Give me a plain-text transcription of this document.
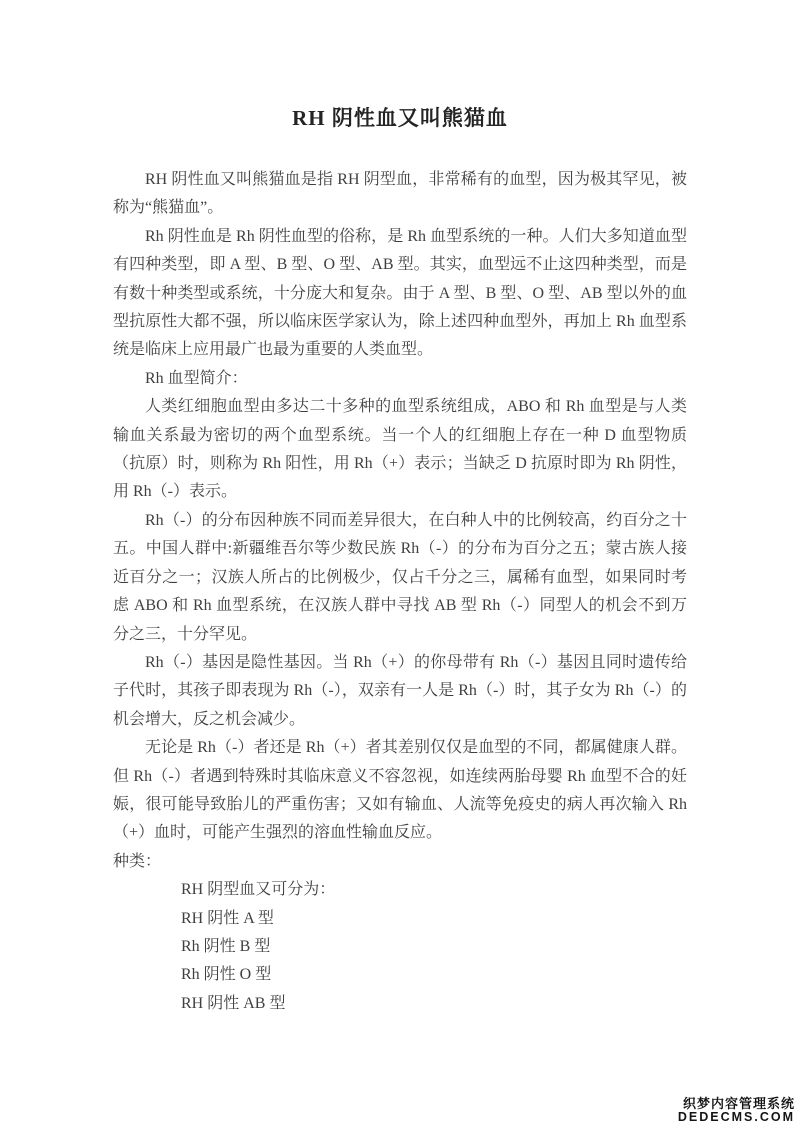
RH 阴性血又叫熊猫血

RH 阴性血又叫熊猫血是指 RH 阴型血，非常稀有的血型，因为极其罕见，被称为“熊猫血”。

Rh 阴性血是 Rh 阴性血型的俗称，是 Rh 血型系统的一种。人们大多知道血型有四种类型，即 A 型、B 型、O 型、AB 型。其实，血型远不止这四种类型，而是有数十种类型或系统，十分庞大和复杂。由于 A 型、B 型、O 型、AB 型以外的血型抗原性大都不强，所以临床医学家认为，除上述四种血型外，再加上 Rh 血型系统是临床上应用最广也最为重要的人类血型。

Rh 血型简介：

人类红细胞血型由多达二十多种的血型系统组成，ABO 和 Rh 血型是与人类输血关系最为密切的两个血型系统。当一个人的红细胞上存在一种 D 血型物质（抗原）时，则称为 Rh 阳性，用 Rh（+）表示；当缺乏 D 抗原时即为 Rh 阴性，用 Rh（-）表示。

Rh（-）的分布因种族不同而差异很大，在白种人中的比例较高，约百分之十五。中国人群中:新疆维吾尔等少数民族 Rh（-）的分布为百分之五；蒙古族人接近百分之一；汉族人所占的比例极少，仅占千分之三，属稀有血型，如果同时考虑 ABO 和 Rh 血型系统，在汉族人群中寻找 AB 型 Rh（-）同型人的机会不到万分之三，十分罕见。

Rh（-）基因是隐性基因。当 Rh（+）的你母带有 Rh（-）基因且同时遗传给子代时，其孩子即表现为 Rh（-），双亲有一人是 Rh（-）时，其子女为 Rh（-）的机会增大，反之机会减少。

无论是 Rh（-）者还是 Rh（+）者其差别仅仅是血型的不同，都属健康人群。但 Rh（-）者遇到特殊时其临床意义不容忽视，如连续两胎母婴 Rh 血型不合的妊娠，很可能导致胎儿的严重伤害；又如有输血、人流等免疫史的病人再次输入 Rh（+）血时，可能产生强烈的溶血性输血反应。

种类：

RH 阴型血又可分为：

RH 阴性 A 型

Rh 阴性 B 型

Rh 阴性 O 型

RH 阴性 AB 型

织梦内容管理系统
DEDECMS.COM
